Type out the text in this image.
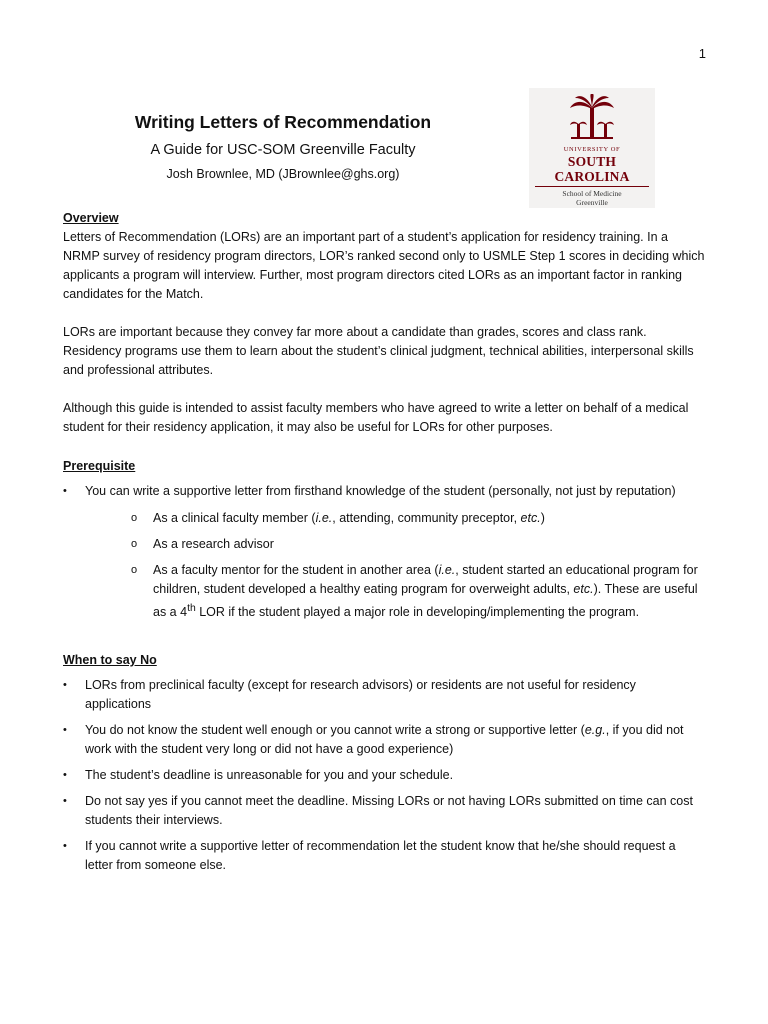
1

Writing Letters of Recommendation

A Guide for USC-SOM Greenville Faculty

Josh Brownlee, MD (JBrownlee@ghs.org)

UNIVERSITY OF
SOUTH CAROLINA
School of Medicine
Greenville

Overview

Letters of Recommendation (LORs) are an important part of a student’s application for residency training. In a NRMP survey of residency program directors, LOR’s ranked second only to USMLE Step 1 scores in deciding which applicants a program will interview. Further, most program directors cited LORs as an important factor in ranking candidates for the Match.

LORs are important because they convey far more about a candidate than grades, scores and class rank. Residency programs use them to learn about the student’s clinical judgment, technical abilities, interpersonal skills and professional attributes.

Although this guide is intended to assist faculty members who have agreed to write a letter on behalf of a medical student for their residency application, it may also be useful for LORs for other purposes.

Prerequisite

• You can write a supportive letter from firsthand knowledge of the student (personally, not just by reputation)
o As a clinical faculty member (i.e., attending, community preceptor, etc.)
o As a research advisor
o As a faculty mentor for the student in another area (i.e., student started an educational program for children, student developed a healthy eating program for overweight adults, etc.). These are useful as a 4th LOR if the student played a major role in developing/implementing the program.

When to say No

• LORs from preclinical faculty (except for research advisors) or residents are not useful for residency applications
• You do not know the student well enough or you cannot write a strong or supportive letter (e.g., if you did not work with the student very long or did not have a good experience)
• The student’s deadline is unreasonable for you and your schedule.
• Do not say yes if you cannot meet the deadline. Missing LORs or not having LORs submitted on time can cost students their interviews.
• If you cannot write a supportive letter of recommendation let the student know that he/she should request a letter from someone else.
